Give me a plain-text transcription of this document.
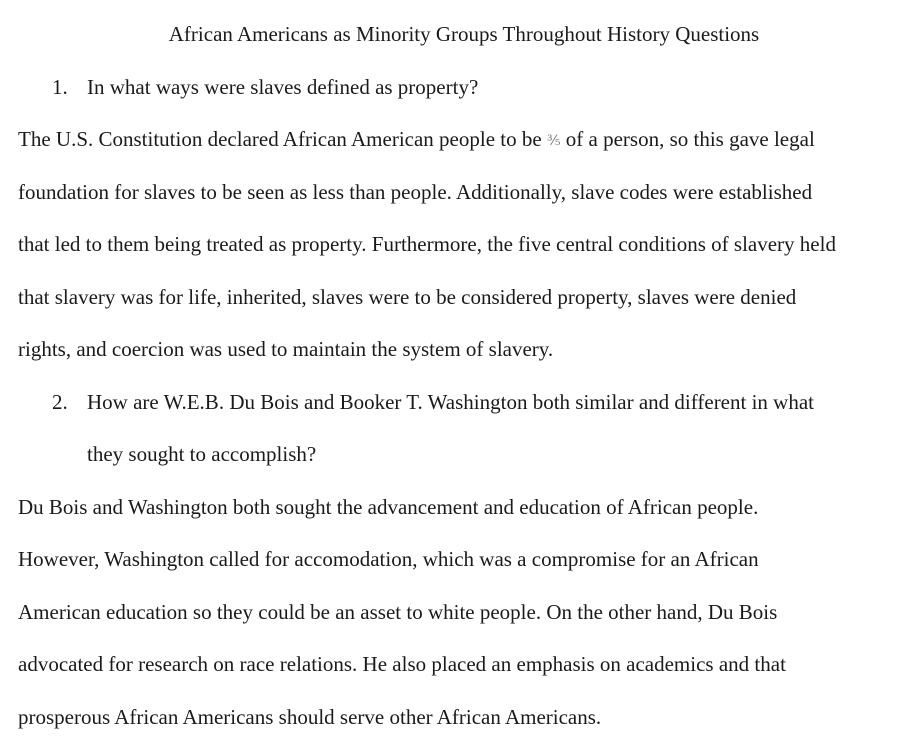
African Americans as Minority Groups Throughout History Questions
1. In what ways were slaves defined as property?
The U.S. Constitution declared African American people to be ⅗ of a person, so this gave legal
foundation for slaves to be seen as less than people. Additionally, slave codes were established
that led to them being treated as property. Furthermore, the five central conditions of slavery held
that slavery was for life, inherited, slaves were to be considered property, slaves were denied
rights, and coercion was used to maintain the system of slavery.
2. How are W.E.B. Du Bois and Booker T. Washington both similar and different in what
they sought to accomplish?
Du Bois and Washington both sought the advancement and education of African people.
However, Washington called for accomodation, which was a compromise for an African
American education so they could be an asset to white people. On the other hand, Du Bois
advocated for research on race relations. He also placed an emphasis on academics and that
prosperous African Americans should serve other African Americans.
